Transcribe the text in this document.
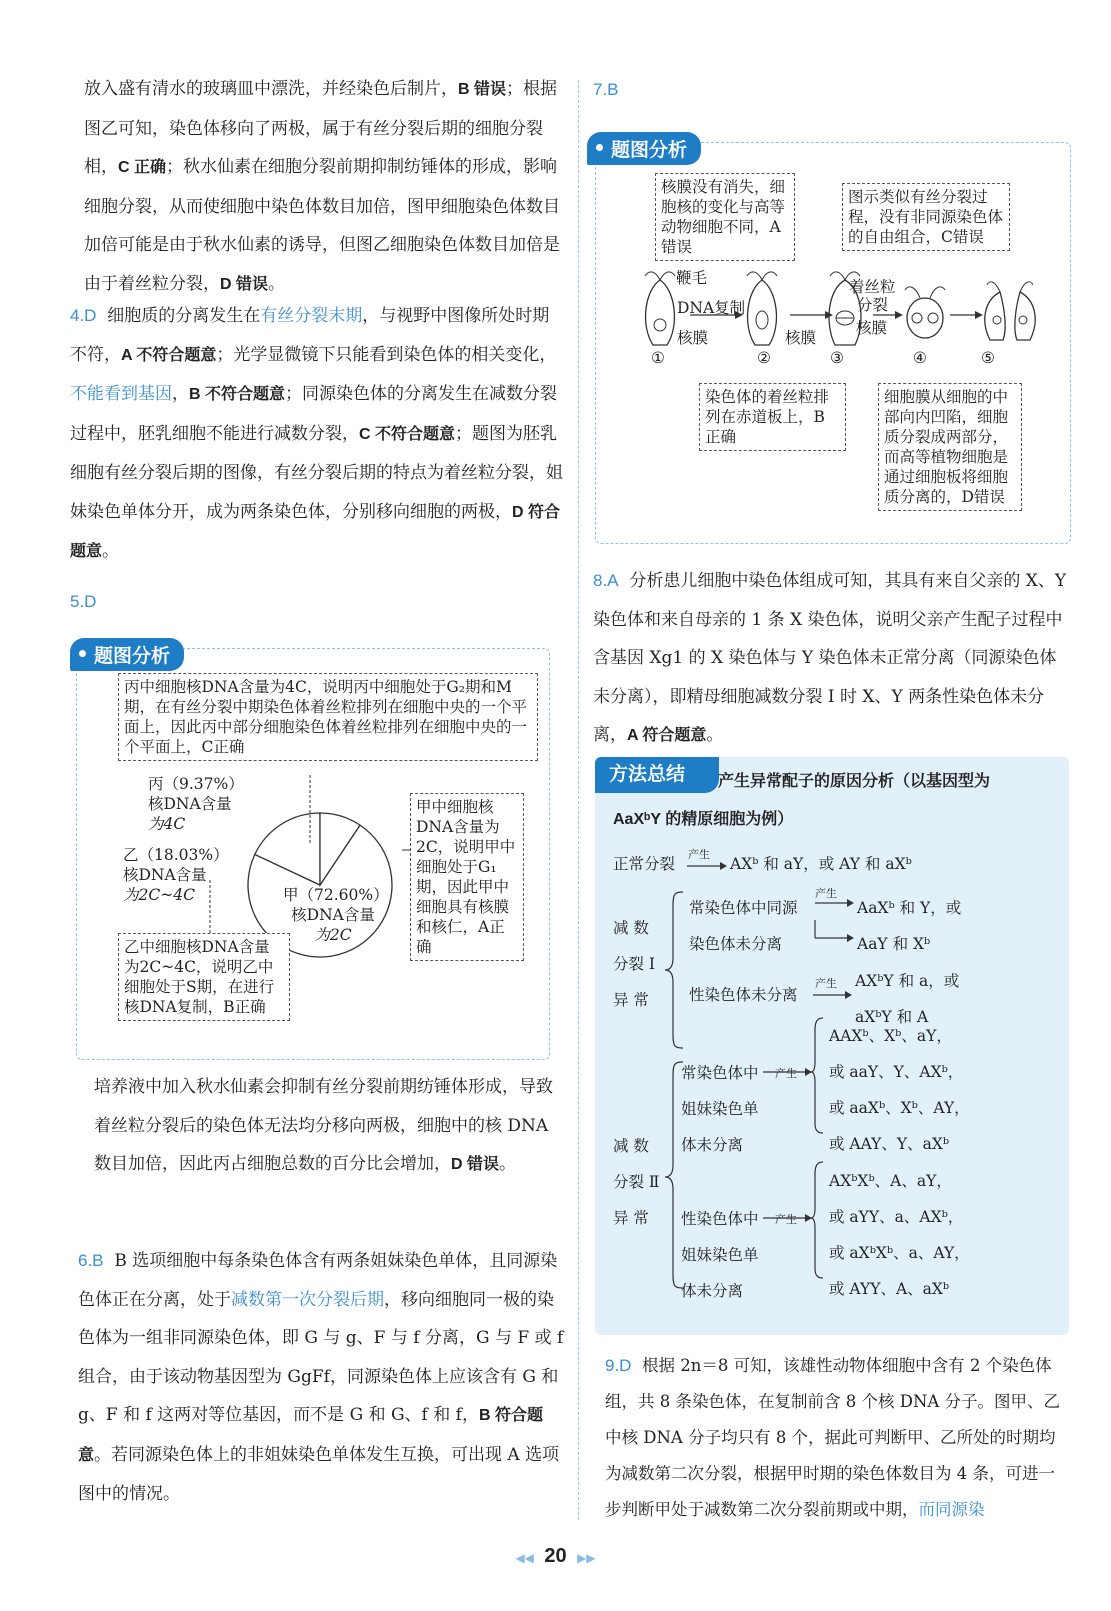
放入盛有清水的玻璃皿中漂洗，并经染色后制片，B 错误；根据图乙可知，染色体移向了两极，属于有丝分裂后期的细胞分裂相，C 正确；秋水仙素在细胞分裂前期抑制纺锤体的形成，影响细胞分裂，从而使细胞中染色体数目加倍，图甲细胞染色体数目加倍可能是由于秋水仙素的诱导，但图乙细胞染色体数目加倍是由于着丝粒分裂，D 错误。

4.D 细胞质的分离发生在有丝分裂末期，与视野中图像所处时期不符，A 不符合题意；光学显微镜下只能看到染色体的相关变化，不能看到基因，B 不符合题意；同源染色体的分离发生在减数分裂过程中，胚乳细胞不能进行减数分裂，C 不符合题意；题图为胚乳细胞有丝分裂后期的图像，有丝分裂后期的特点为着丝粒分裂，姐妹染色单体分开，成为两条染色体，分别移向细胞的两极，D 符合题意。

5.D
题图分析
丙中细胞核DNA含量为4C，说明丙中细胞处于G₂期和M期，在有丝分裂中期染色体着丝粒排列在细胞中央的一个平面上，因此丙中部分细胞染色体着丝粒排列在细胞中央的一个平面上，C正确
丙（9.37%）
核DNA含量
为4C
乙（18.03%）
核DNA含量
为2C~4C	甲（72.60%）
核DNA含量
为2C
甲中细胞核DNA含量为2C，说明甲中细胞处于G₁期，因此甲中细胞具有核膜和核仁，A正确
乙中细胞核DNA含量为2C~4C，说明乙中细胞处于S期，在进行核DNA复制，B正确

培养液中加入秋水仙素会抑制有丝分裂前期纺锤体形成，导致着丝粒分裂后的染色体无法均分移向两极，细胞中的核 DNA 数目加倍，因此丙占细胞总数的百分比会增加，D 错误。

6.B B 选项细胞中每条染色体含有两条姐妹染色单体，且同源染色体正在分离，处于减数第一次分裂后期，移向细胞同一极的染色体为一组非同源染色体，即 G 与 g、F 与 f 分离，G 与 F 或 f 组合，由于该动物基因型为 GgFf，同源染色体上应该含有 G 和 g、F 和 f 这两对等位基因，而不是 G 和 G、f 和 f，B 符合题意。若同源染色体上的非姐妹染色单体发生互换，可出现 A 选项图中的情况。

7.B
题图分析
核膜没有消失，细胞核的变化与高等动物细胞不同，A错误
图示类似有丝分裂过程，没有非同源染色体的自由组合，C错误
鞭毛
DNA复制
核膜	核膜
核膜
着丝粒
分裂
①	②	③	④	⑤
染色体的着丝粒排列在赤道板上，B正确
细胞膜从细胞的中部向内凹陷，细胞质分裂成两部分，而高等植物细胞是通过细胞板将细胞质分离的，D错误

8.A 分析患儿细胞中染色体组成可知，其具有来自父亲的 X、Y 染色体和来自母亲的 1 条 X 染色体，说明父亲产生配子过程中含基因 Xg1 的 X 染色体与 Y 染色体未正常分离（同源染色体未分离），即精母细胞减数分裂 Ⅰ 时 X、Y 两条性染色体未分离，A 符合题意。

方法总结	产生异常配子的原因分析（以基因型为
AaXᵇY 的精原细胞为例）
正常分裂
产生
AXᵇ 和 aY，或 AY 和 aXᵇ
减 数
分裂 Ⅰ
异 常
常染色体中同源
染色体未分离
产生
AaXᵇ 和 Y，或
AaY 和 Xᵇ
性染色体未分离
产生 AXᵇY 和 a，或
aXᵇY 和 A
减 数
分裂 Ⅱ
异 常
常染色体中
姐妹染色单
体未分离
产生
AAXᵇ、Xᵇ、aY，
或 aaY、Y、AXᵇ，
或 aaXᵇ、Xᵇ、AY，
或 AAY、Y、aXᵇ
性染色体中
姐妹染色单
体未分离
产生
AXᵇXᵇ、A、aY，
或 aYY、a、AXᵇ，
或 aXᵇXᵇ、a、AY，
或 AYY、A、aXᵇ

9.D 根据 2n＝8 可知，该雄性动物体细胞中含有 2 个染色体组，共 8 条染色体，在复制前含 8 个核 DNA 分子。图甲、乙中核 DNA 分子均只有 8 个，据此可判断甲、乙所处的时期均为减数第二次分裂，根据甲时期的染色体数目为 4 条，可进一步判断甲处于减数第二次分裂前期或中期，而同源染

◀◀ 20 ▶▶
